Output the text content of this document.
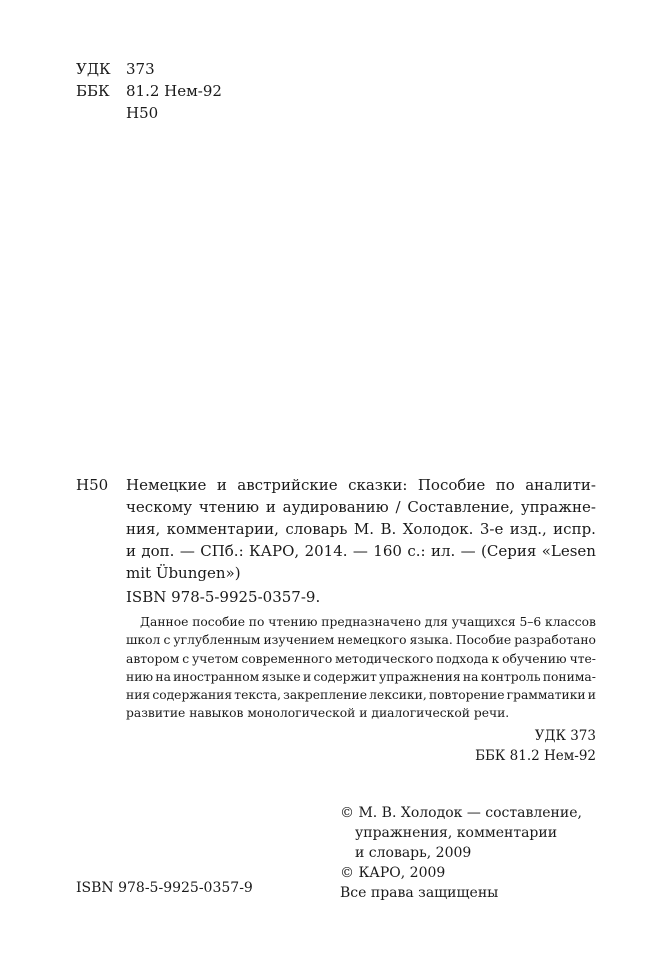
УДК	373
ББК	81.2 Нем-92
Н50
Н50 Немецкие и австрийские сказки: Пособие по аналити-
ческому чтению и аудированию / Составление, упражне-
ния, комментарии, словарь М. В. Холодок. 3-е изд., испр.
и доп. — СПб.: КАРО, 2014. — 160 с.: ил. — (Серия «Lesen
mit Übungen»)
ISBN 978-5-9925-0357-9.
Данное пособие по чтению предназначено для учащихся 5–6 классов
школ с углубленным изучением немецкого языка. Пособие разработано
автором с учетом современного методического подхода к обучению чте-
нию на иностранном языке и содержит упражнения на контроль понима-
ния содержания текста, закрепление лексики, повторение грамматики и
развитие навыков монологической и диалогической речи.
УДК 373
ББК 81.2 Нем-92
© М. В. Холодок — составление,
упражнения, комментарии
и словарь, 2009
© КАРО, 2009
Все права защищены
ISBN 978-5-9925-0357-9
